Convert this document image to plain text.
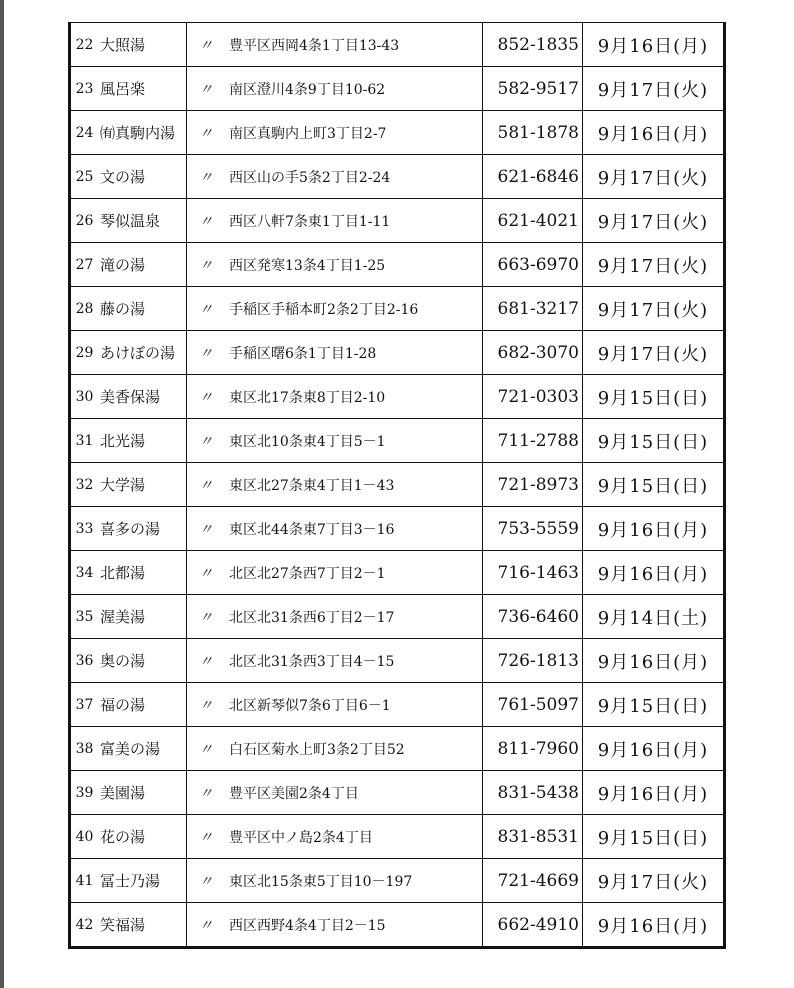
22	大照湯	〃 豊平区西岡4条1丁目13-43	852-1835	9月16日(月)
23	風呂楽	〃 南区澄川4条9丁目10-62	582-9517	9月17日(火)
24	㈲真駒内湯	〃 南区真駒内上町3丁目2-7	581-1878	9月16日(月)
25	文の湯	〃 西区山の手5条2丁目2-24	621-6846	9月17日(火)
26	琴似温泉	〃 西区八軒7条東1丁目1-11	621-4021	9月17日(火)
27	滝の湯	〃 西区発寒13条4丁目1-25	663-6970	9月17日(火)
28	藤の湯	〃 手稲区手稲本町2条2丁目2-16	681-3217	9月17日(火)
29	あけぼの湯	〃 手稲区曙6条1丁目1-28	682-3070	9月17日(火)
30	美香保湯	〃 東区北17条東8丁目2-10	721-0303	9月15日(日)
31	北光湯	〃 東区北10条東4丁目5－1	711-2788	9月15日(日)
32	大学湯	〃 東区北27条東4丁目1－43	721-8973	9月15日(日)
33	喜多の湯	〃 東区北44条東7丁目3－16	753-5559	9月16日(月)
34	北都湯	〃 北区北27条西7丁目2－1	716-1463	9月16日(月)
35	渥美湯	〃 北区北31条西6丁目2－17	736-6460	9月14日(土)
36	奥の湯	〃 北区北31条西3丁目4－15	726-1813	9月16日(月)
37	福の湯	〃 北区新琴似7条6丁目6－1	761-5097	9月15日(日)
38	富美の湯	〃 白石区菊水上町3条2丁目52	811-7960	9月16日(月)
39	美園湯	〃 豊平区美園2条4丁目	831-5438	9月16日(月)
40	花の湯	〃 豊平区中ノ島2条4丁目	831-8531	9月15日(日)
41	冨士乃湯	〃 東区北15条東5丁目10－197	721-4669	9月17日(火)
42	笑福湯	〃 西区西野4条4丁目2－15	662-4910	9月16日(月)
